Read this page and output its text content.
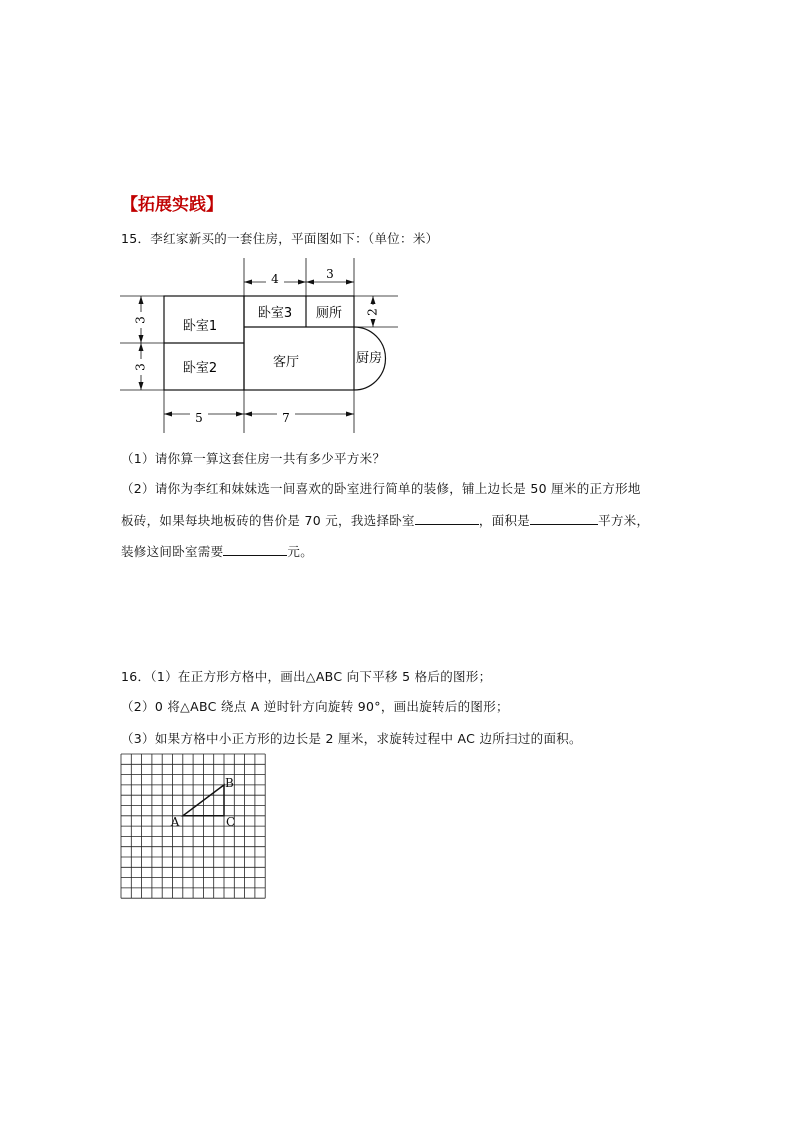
【拓展实践】
15．李红家新买的一套住房，平面图如下：（单位：米）
4	3
3
3
2
5	7
卧室1
卧室2
卧室3 厕所
客厅	厨房
（1）请你算一算这套住房一共有多少平方米？
（2）请你为李红和妹妹选一间喜欢的卧室进行简单的装修，铺上边长是 50 厘米的正方形地
板砖，如果每块地板砖的售价是 70 元，我选择卧室	，面积是	平方米，
装修这间卧室需要	元。
16．（1）在正方形方格中，画出△ABC 向下平移 5 格后的图形；
（2）0 将△ABC 绕点 A 逆时针方向旋转 90°，画出旋转后的图形；
（3）如果方格中小正方形的边长是 2 厘米，求旋转过程中 AC 边所扫过的面积。
A
B
C
